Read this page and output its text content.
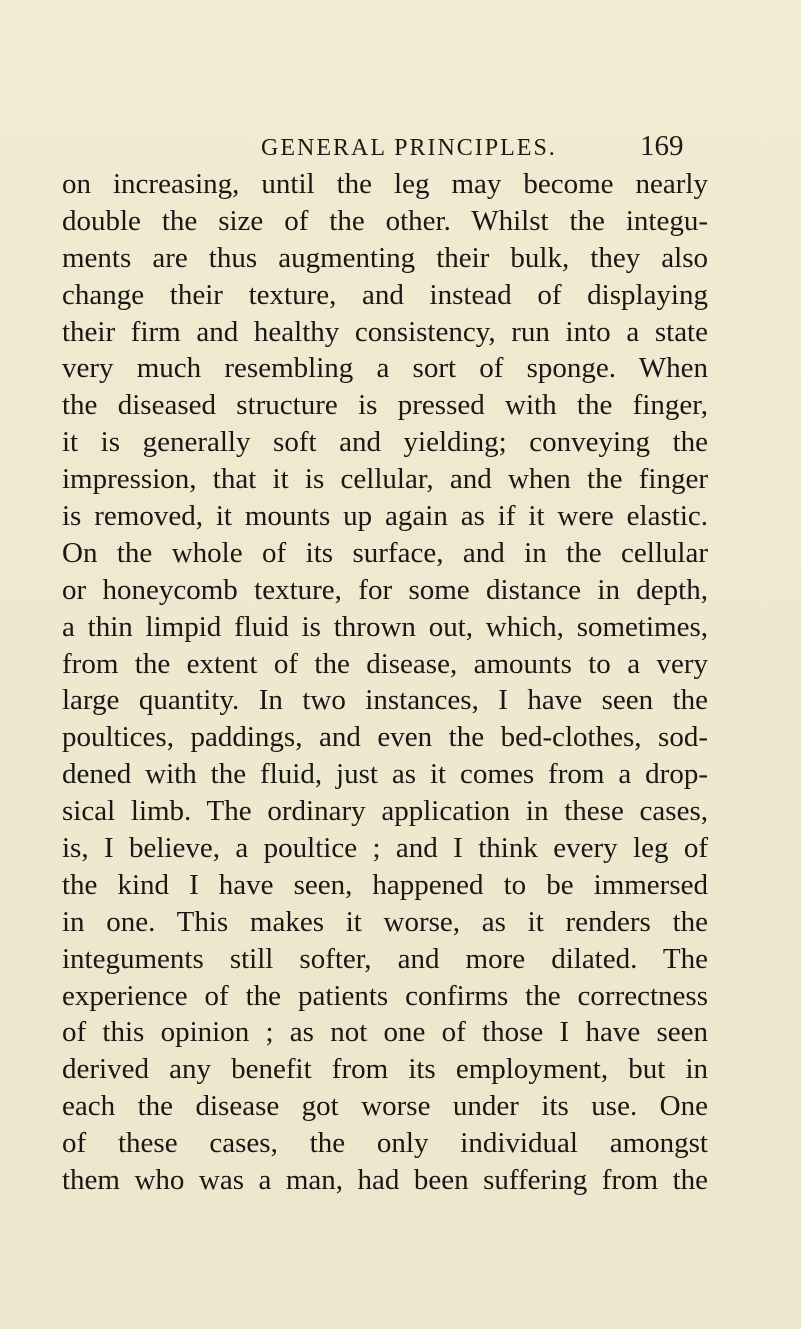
GENERAL PRINCIPLES.	169
on increasing, until the leg may become nearly
double the size of the other. Whilst the integu-
ments are thus augmenting their bulk, they also
change their texture, and instead of displaying
their firm and healthy consistency, run into a state
very much resembling a sort of sponge. When
the diseased structure is pressed with the finger,
it is generally soft and yielding; conveying the
impression, that it is cellular, and when the finger
is removed, it mounts up again as if it were elastic.
On the whole of its surface, and in the cellular
or honeycomb texture, for some distance in depth,
a thin limpid fluid is thrown out, which, sometimes,
from the extent of the disease, amounts to a very
large quantity. In two instances, I have seen the
poultices, paddings, and even the bed-clothes, sod-
dened with the fluid, just as it comes from a drop-
sical limb. The ordinary application in these cases,
is, I believe, a poultice ; and I think every leg of
the kind I have seen, happened to be immersed
in one. This makes it worse, as it renders the
integuments still softer, and more dilated. The
experience of the patients confirms the correctness
of this opinion ; as not one of those I have seen
derived any benefit from its employment, but in
each the disease got worse under its use. One
of these cases, the only individual amongst
them who was a man, had been suffering from the
